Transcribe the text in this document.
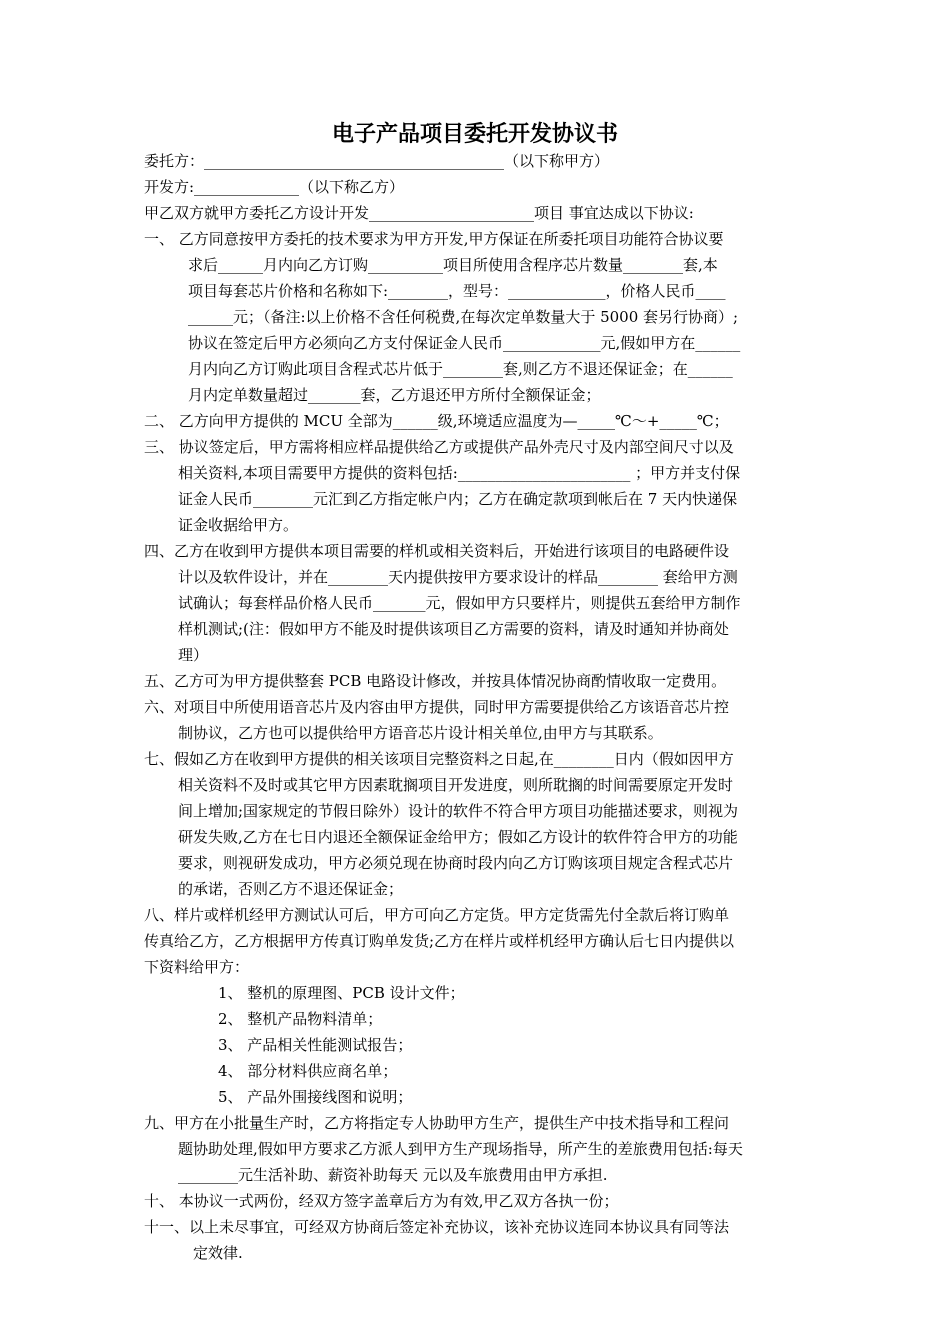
电子产品项目委托开发协议书
委托方：________________________________________（以下称甲方）
开发方:______________（以下称乙方）
甲乙双方就甲方委托乙方设计开发______________________项目 事宜达成以下协议:
一、 乙方同意按甲方委托的技术要求为甲方开发,甲方保证在所委托项目功能符合协议要
求后______月内向乙方订购__________项目所使用含程序芯片数量________套,本
项目每套芯片价格和名称如下:________，型号：_____________，价格人民币____
______元；（备注:以上价格不含任何税费,在每次定单数量大于 5000 套另行协商）;
协议在签定后甲方必须向乙方支付保证金人民币_____________元,假如甲方在______
月内向乙方订购此项目含程式芯片低于________套,则乙方不退还保证金；在______
月内定单数量超过_______套，乙方退还甲方所付全额保证金；
二、 乙方向甲方提供的 MCU 全部为______级,环境适应温度为—_____℃～+_____℃；
三、 协议签定后，甲方需将相应样品提供给乙方或提供产品外壳尺寸及内部空间尺寸以及
相关资料,本项目需要甲方提供的资料包括:_______________________ ；甲方并支付保
证金人民币________元汇到乙方指定帐户内；乙方在确定款项到帐后在 7 天内快递保
证金收据给甲方。
四、乙方在收到甲方提供本项目需要的样机或相关资料后，开始进行该项目的电路硬件设
计以及软件设计，并在________天内提供按甲方要求设计的样品________ 套给甲方测
试确认；每套样品价格人民币_______元，假如甲方只要样片，则提供五套给甲方制作
样机测试;(注：假如甲方不能及时提供该项目乙方需要的资料，请及时通知并协商处
理）
五、乙方可为甲方提供整套 PCB 电路设计修改，并按具体情况协商酌情收取一定费用。
六、对项目中所使用语音芯片及内容由甲方提供，同时甲方需要提供给乙方该语音芯片控
制协议，乙方也可以提供给甲方语音芯片设计相关单位,由甲方与其联系。
七、假如乙方在收到甲方提供的相关该项目完整资料之日起,在________日内（假如因甲方
相关资料不及时或其它甲方因素耽搁项目开发进度，则所耽搁的时间需要原定开发时
间上增加;国家规定的节假日除外）设计的软件不符合甲方项目功能描述要求，则视为
研发失败,乙方在七日内退还全额保证金给甲方；假如乙方设计的软件符合甲方的功能
要求，则视研发成功，甲方必须兑现在协商时段内向乙方订购该项目规定含程式芯片
的承诺，否则乙方不退还保证金；
八、样片或样机经甲方测试认可后，甲方可向乙方定货。甲方定货需先付全款后将订购单
传真给乙方，乙方根据甲方传真订购单发货;乙方在样片或样机经甲方确认后七日内提供以
下资料给甲方：
1、 整机的原理图、PCB 设计文件；
2、 整机产品物料清单；
3、 产品相关性能测试报告；
4、 部分材料供应商名单；
5、 产品外围接线图和说明；
九、甲方在小批量生产时，乙方将指定专人协助甲方生产，提供生产中技术指导和工程问
题协助处理,假如甲方要求乙方派人到甲方生产现场指导，所产生的差旅费用包括:每天
________元生活补助、薪资补助每天 元以及车旅费用由甲方承担.
十、 本协议一式两份，经双方签字盖章后方为有效,甲乙双方各执一份；
十一、以上未尽事宜，可经双方协商后签定补充协议，该补充协议连同本协议具有同等法
定效律.
